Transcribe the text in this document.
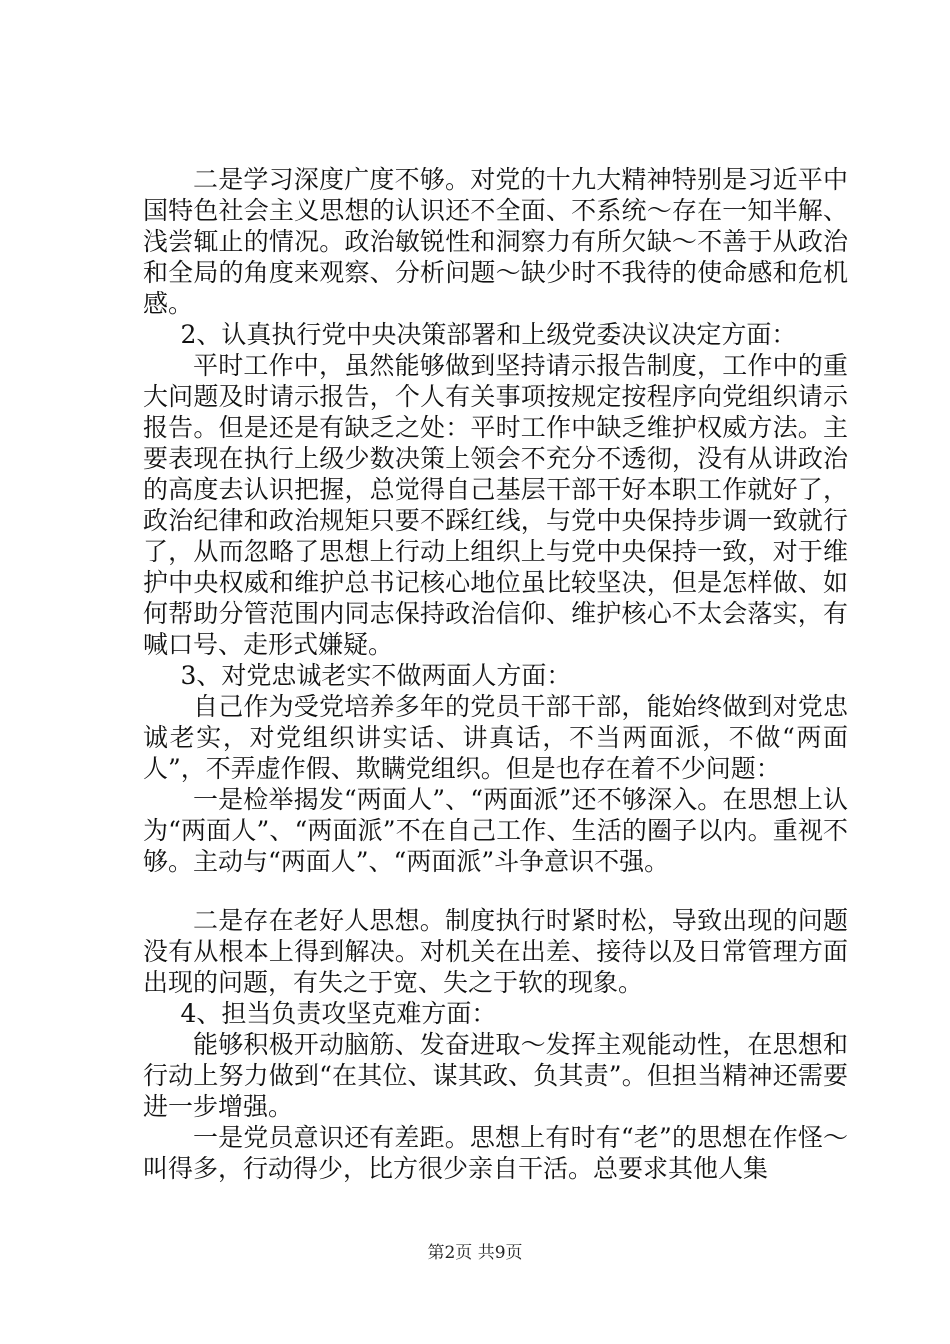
二是学习深度广度不够。对党的十九大精神特别是习近平中国特色社会主义思想的认识还不全面、不系统～存在一知半解、浅尝辄止的情况。政治敏锐性和洞察力有所欠缺～不善于从政治和全局的角度来观察、分析问题～缺少时不我待的使命感和危机感。

2、认真执行党中央决策部署和上级党委决议决定方面：

平时工作中，虽然能够做到坚持请示报告制度，工作中的重大问题及时请示报告，个人有关事项按规定按程序向党组织请示报告。但是还是有缺乏之处：平时工作中缺乏维护权威方法。主要表现在执行上级少数决策上领会不充分不透彻，没有从讲政治的高度去认识把握，总觉得自己基层干部干好本职工作就好了，政治纪律和政治规矩只要不踩红线，与党中央保持步调一致就行了，从而忽略了思想上行动上组织上与党中央保持一致，对于维护中央权威和维护总书记核心地位虽比较坚决，但是怎样做、如何帮助分管范围内同志保持政治信仰、维护核心不太会落实，有喊口号、走形式嫌疑。

3、对党忠诚老实不做两面人方面：

自己作为受党培养多年的党员干部干部，能始终做到对党忠诚老实，对党组织讲实话、讲真话，不当两面派，不做“两面人”，不弄虚作假、欺瞒党组织。但是也存在着不少问题：

一是检举揭发“两面人”、“两面派”还不够深入。在思想上认为“两面人”、“两面派”不在自己工作、生活的圈子以内。重视不够。主动与“两面人”、“两面派”斗争意识不强。

二是存在老好人思想。制度执行时紧时松，导致出现的问题没有从根本上得到解决。对机关在出差、接待以及日常管理方面出现的问题，有失之于宽、失之于软的现象。

4、担当负责攻坚克难方面：

能够积极开动脑筋、发奋进取～发挥主观能动性，在思想和行动上努力做到“在其位、谋其政、负其责”。但担当精神还需要进一步增强。

一是党员意识还有差距。思想上有时有“老”的思想在作怪～叫得多，行动得少，比方很少亲自干活。总要求其他人集

第2页 共9页
